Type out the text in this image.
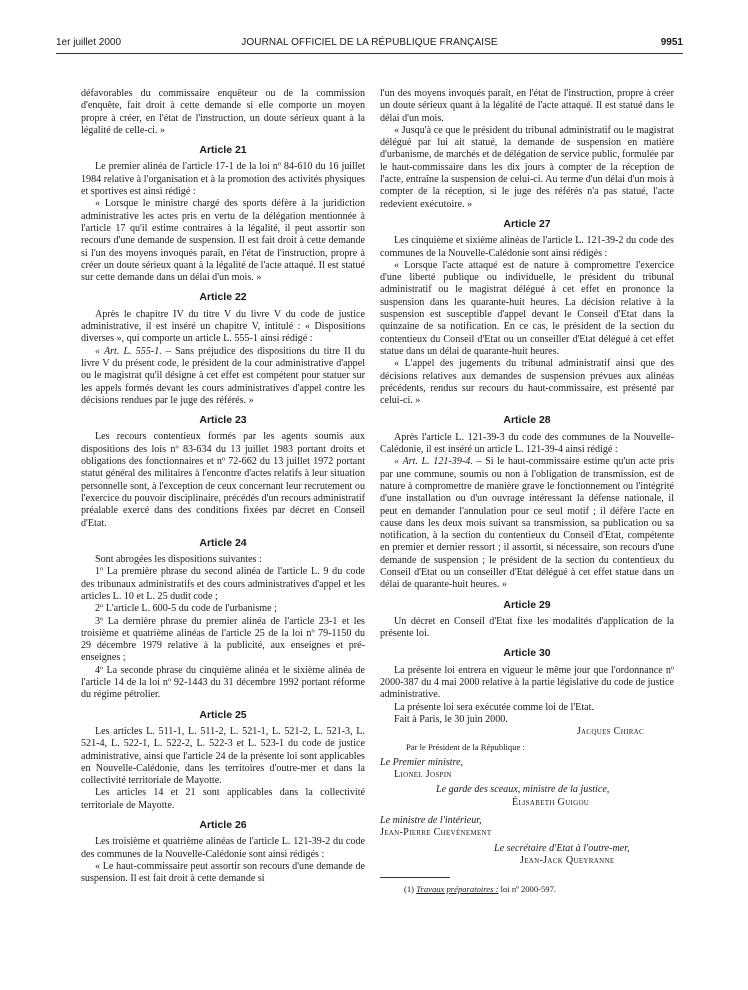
1er juillet 2000	JOURNAL OFFICIEL DE LA RÉPUBLIQUE FRANÇAISE	9951

défavorables du commissaire enquêteur ou de la commission d'enquête, fait droit à cette demande si elle comporte un moyen propre à créer, en l'état de l'instruction, un doute sérieux quant à la légalité de celle-ci. »

Article 21

Le premier alinéa de l'article 17-1 de la loi nº 84-610 du 16 juillet 1984 relative à l'organisation et à la promotion des activités physiques et sportives est ainsi rédigé :

« Lorsque le ministre chargé des sports défère à la juridiction administrative les actes pris en vertu de la délégation mentionnée à l'article 17 qu'il estime contraires à la légalité, il peut assortir son recours d'une demande de suspension. Il est fait droit à cette demande si l'un des moyens invoqués paraît, en l'état de l'instruction, propre à créer un doute sérieux quant à la légalité de l'acte attaqué. Il est statué sur cette demande dans un délai d'un mois. »

Article 22

Après le chapitre IV du titre V du livre V du code de justice administrative, il est inséré un chapitre V, intitulé : « Dispositions diverses », qui comporte un article L. 555-1 ainsi rédigé :

« Art. L. 555-1. – Sans préjudice des dispositions du titre II du livre V du présent code, le président de la cour administrative d'appel ou le magistrat qu'il désigne à cet effet est compétent pour statuer sur les appels formés devant les cours administratives d'appel contre les décisions rendues par le juge des référés. »

Article 23

Les recours contentieux formés par les agents soumis aux dispositions des lois nº 83-634 du 13 juillet 1983 portant droits et obligations des fonctionnaires et nº 72-662 du 13 juillet 1972 portant statut général des militaires à l'encontre d'actes relatifs à leur situation personnelle sont, à l'exception de ceux concernant leur recrutement ou l'exercice du pouvoir disciplinaire, précédés d'un recours administratif préalable exercé dans des conditions fixées par décret en Conseil d'Etat.

Article 24

Sont abrogées les dispositions suivantes :

1º La première phrase du second alinéa de l'article L. 9 du code des tribunaux administratifs et des cours administratives d'appel et les articles L. 10 et L. 25 dudit code ;

2º L'article L. 600-5 du code de l'urbanisme ;

3º La dernière phrase du premier alinéa de l'article 23-1 et les troisième et quatrième alinéas de l'article 25 de la loi nº 79-1150 du 29 décembre 1979 relative à la publicité, aux enseignes et pré-enseignes ;

4º La seconde phrase du cinquième alinéa et le sixième alinéa de l'article 14 de la loi nº 92-1443 du 31 décembre 1992 portant réforme du régime pétrolier.

Article 25

Les articles L. 511-1, L. 511-2, L. 521-1, L. 521-2, L. 521-3, L. 521-4, L. 522-1, L. 522-2, L. 522-3 et L. 523-1 du code de justice administrative, ainsi que l'article 24 de la présente loi sont applicables en Nouvelle-Calédonie, dans les territoires d'outre-mer et dans la collectivité territoriale de Mayotte.

Les articles 14 et 21 sont applicables dans la collectivité territoriale de Mayotte.

Article 26

Les troisième et quatrième alinéas de l'article L. 121-39-2 du code des communes de la Nouvelle-Calédonie sont ainsi rédigés :

« Le haut-commissaire peut assortir son recours d'une demande de suspension. Il est fait droit à cette demande si

l'un des moyens invoqués paraît, en l'état de l'instruction, propre à créer un doute sérieux quant à la légalité de l'acte attaqué. Il est statué dans le délai d'un mois.

« Jusqu'à ce que le président du tribunal administratif ou le magistrat délégué par lui ait statué, la demande de suspension en matière d'urbanisme, de marchés et de délégation de service public, formulée par le haut-commissaire dans les dix jours à compter de la réception de l'acte, entraîne la suspension de celui-ci. Au terme d'un délai d'un mois à compter de la réception, si le juge des référés n'a pas statué, l'acte redevient exécutoire. »

Article 27

Les cinquième et sixième alinéas de l'article L. 121-39-2 du code des communes de la Nouvelle-Calédonie sont ainsi rédigés :

« Lorsque l'acte attaqué est de nature à compromettre l'exercice d'une liberté publique ou individuelle, le président du tribunal administratif ou le magistrat délégué à cet effet en prononce la suspension dans les quarante-huit heures. La décision relative à la suspension est susceptible d'appel devant le Conseil d'Etat dans la quinzaine de sa notification. En ce cas, le président de la section du contentieux du Conseil d'Etat ou un conseiller d'Etat délégué à cet effet statue dans un délai de quarante-huit heures.

« L'appel des jugements du tribunal administratif ainsi que des décisions relatives aux demandes de suspension prévues aux alinéas précédents, rendus sur recours du haut-commissaire, est présenté par celui-ci. »

Article 28

Après l'article L. 121-39-3 du code des communes de la Nouvelle-Calédonie, il est inséré un article L. 121-39-4 ainsi rédigé :

« Art. L. 121-39-4. – Si le haut-commissaire estime qu'un acte pris par une commune, soumis ou non à l'obligation de transmission, est de nature à compromettre de manière grave le fonctionnement ou l'intégrité d'une installation ou d'un ouvrage intéressant la défense nationale, il peut en demander l'annulation pour ce seul motif ; il défère l'acte en cause dans les deux mois suivant sa transmission, sa publication ou sa notification, à la section du contentieux du Conseil d'Etat, compétente en premier et dernier ressort ; il assortit, si nécessaire, son recours d'une demande de suspension ; le président de la section du contentieux du Conseil d'Etat ou un conseiller d'Etat délégué à cet effet statue dans un délai de quarante-huit heures. »

Article 29

Un décret en Conseil d'Etat fixe les modalités d'application de la présente loi.

Article 30

La présente loi entrera en vigueur le même jour que l'ordonnance nº 2000-387 du 4 mai 2000 relative à la partie législative du code de justice administrative.

La présente loi sera exécutée comme loi de l'Etat.

Fait à Paris, le 30 juin 2000.

Jacques Chirac
Par le Président de la République :
Le Premier ministre,
Lionel Jospin
Le garde des sceaux, ministre de la justice,
Élisabeth Guigou
Le ministre de l'intérieur,
Jean-Pierre Chevènement
Le secrétaire d'Etat à l'outre-mer,
Jean-Jack Queyranne

(1) Travaux préparatoires : loi nº 2000-597.
